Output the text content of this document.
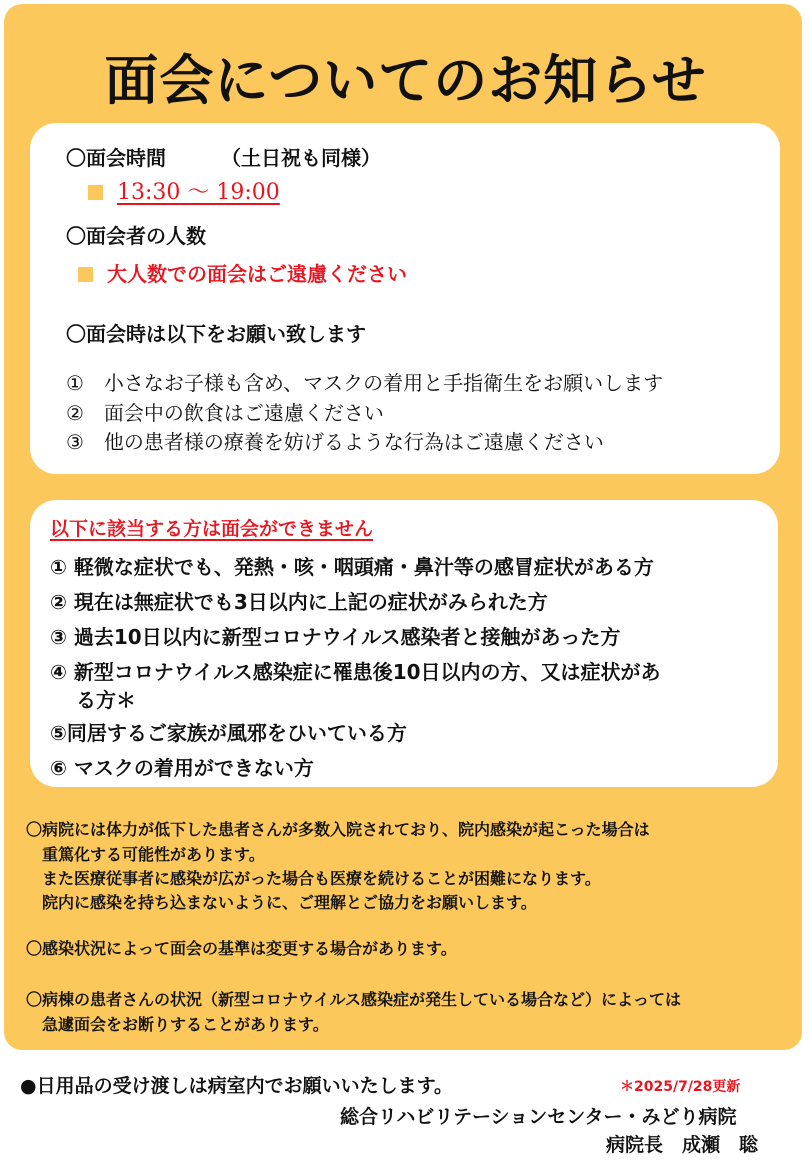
面会についてのお知らせ
〇面会時間	（土日祝も同様）
13:30 ～ 19:00
〇面会者の人数
大人数での面会はご遠慮ください
〇面会時は以下をお願い致します
①　小さなお子様も含め、マスクの着用と手指衛生をお願いします
②　面会中の飲食はご遠慮ください
③　他の患者様の療養を妨げるような行為はご遠慮ください
以下に該当する方は面会ができません
① 軽微な症状でも、発熱・咳・咽頭痛・鼻汁等の感冒症状がある方
② 現在は無症状でも3日以内に上記の症状がみられた方
③ 過去10日以内に新型コロナウイルス感染者と接触があった方
④ 新型コロナウイルス感染症に罹患後10日以内の方、又は症状があ
る方＊
⑤同居するご家族が風邪をひいている方
⑥ マスクの着用ができない方
〇病院には体力が低下した患者さんが多数入院されており、院内感染が起こった場合は
重篤化する可能性があります。
また医療従事者に感染が広がった場合も医療を続けることが困難になります。
院内に感染を持ち込まないように、ご理解とご協力をお願いします。
〇感染状況によって面会の基準は変更する場合があります。
〇病棟の患者さんの状況（新型コロナウイルス感染症が発生している場合など）によっては
急遽面会をお断りすることがあります。
●日用品の受け渡しは病室内でお願いいたします。	＊2025/7/28更新
総合リハビリテーションセンター・みどり病院
病院長　成瀬　聡
